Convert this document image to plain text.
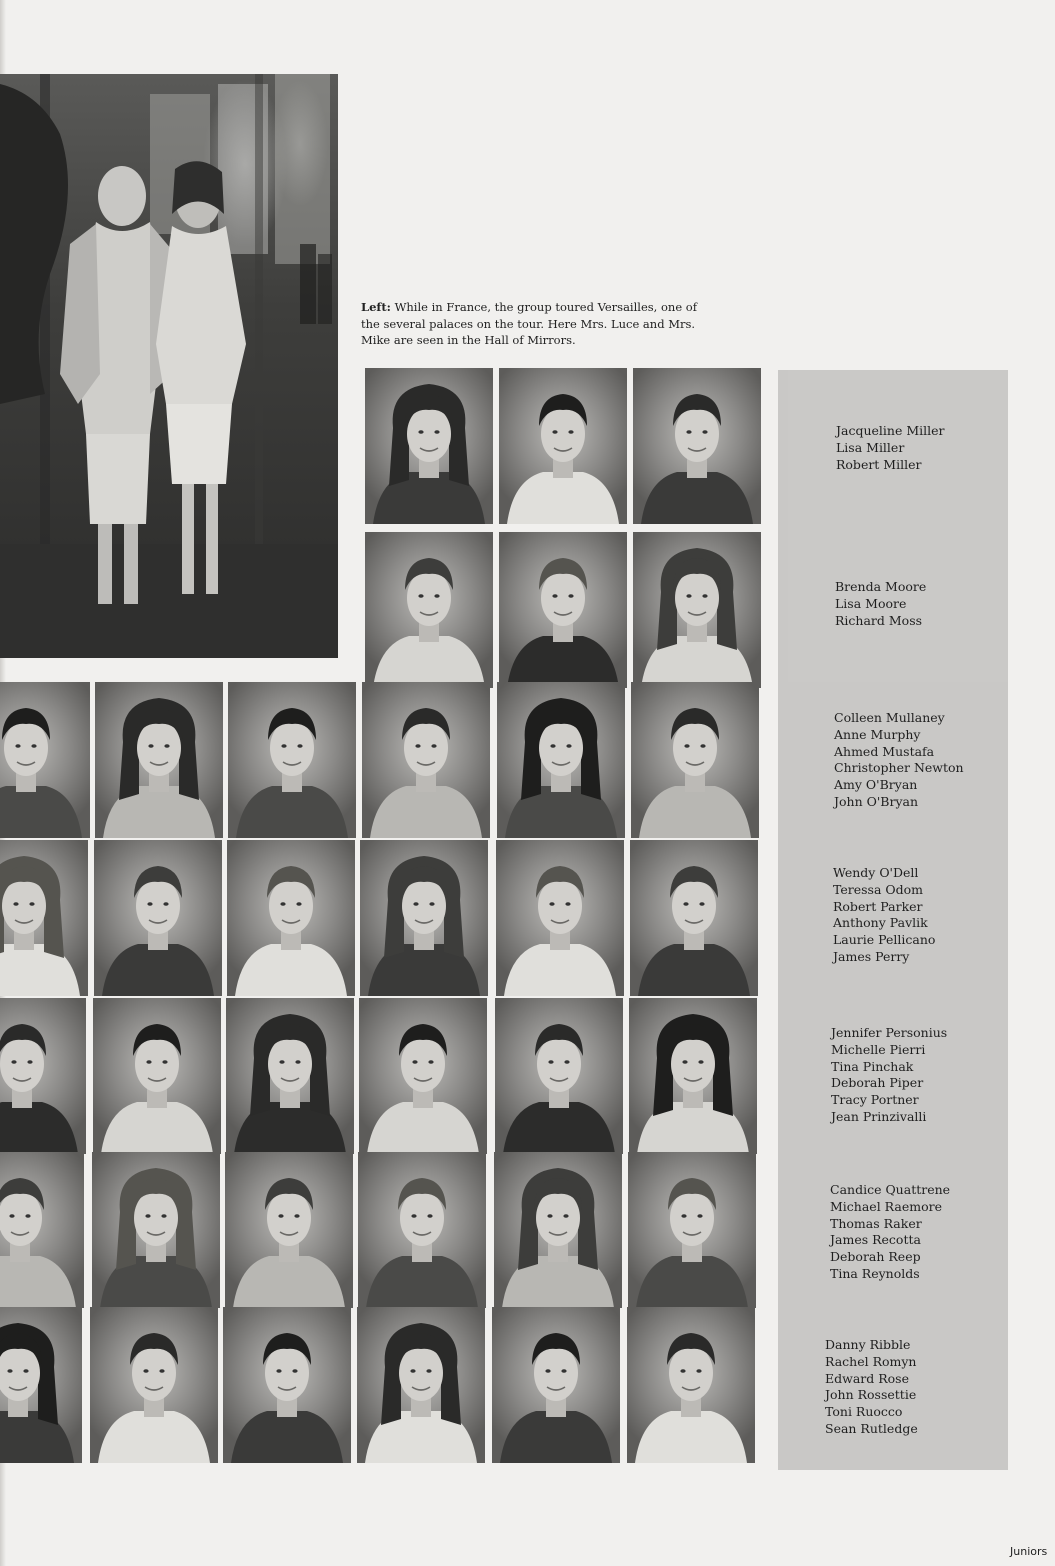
Left: While in France, the group toured Versailles, one of the several palaces on the tour. Here Mrs. Luce and Mrs. Mike are seen in the Hall of Mirrors.
Jacqueline Miller
Lisa Miller
Robert Miller
Brenda Moore
Lisa Moore
Richard Moss
Colleen Mullaney
Anne Murphy
Ahmed Mustafa
Christopher Newton
Amy O'Bryan
John O'Bryan
Wendy O'Dell
Teressa Odom
Robert Parker
Anthony Pavlik
Laurie Pellicano
James Perry
Jennifer Personius
Michelle Pierri
Tina Pinchak
Deborah Piper
Tracy Portner
Jean Prinzivalli
Candice Quattrene
Michael Raemore
Thomas Raker
James Recotta
Deborah Reep
Tina Reynolds
Danny Ribble
Rachel Romyn
Edward Rose
John Rossettie
Toni Ruocco
Sean Rutledge
Juniors
